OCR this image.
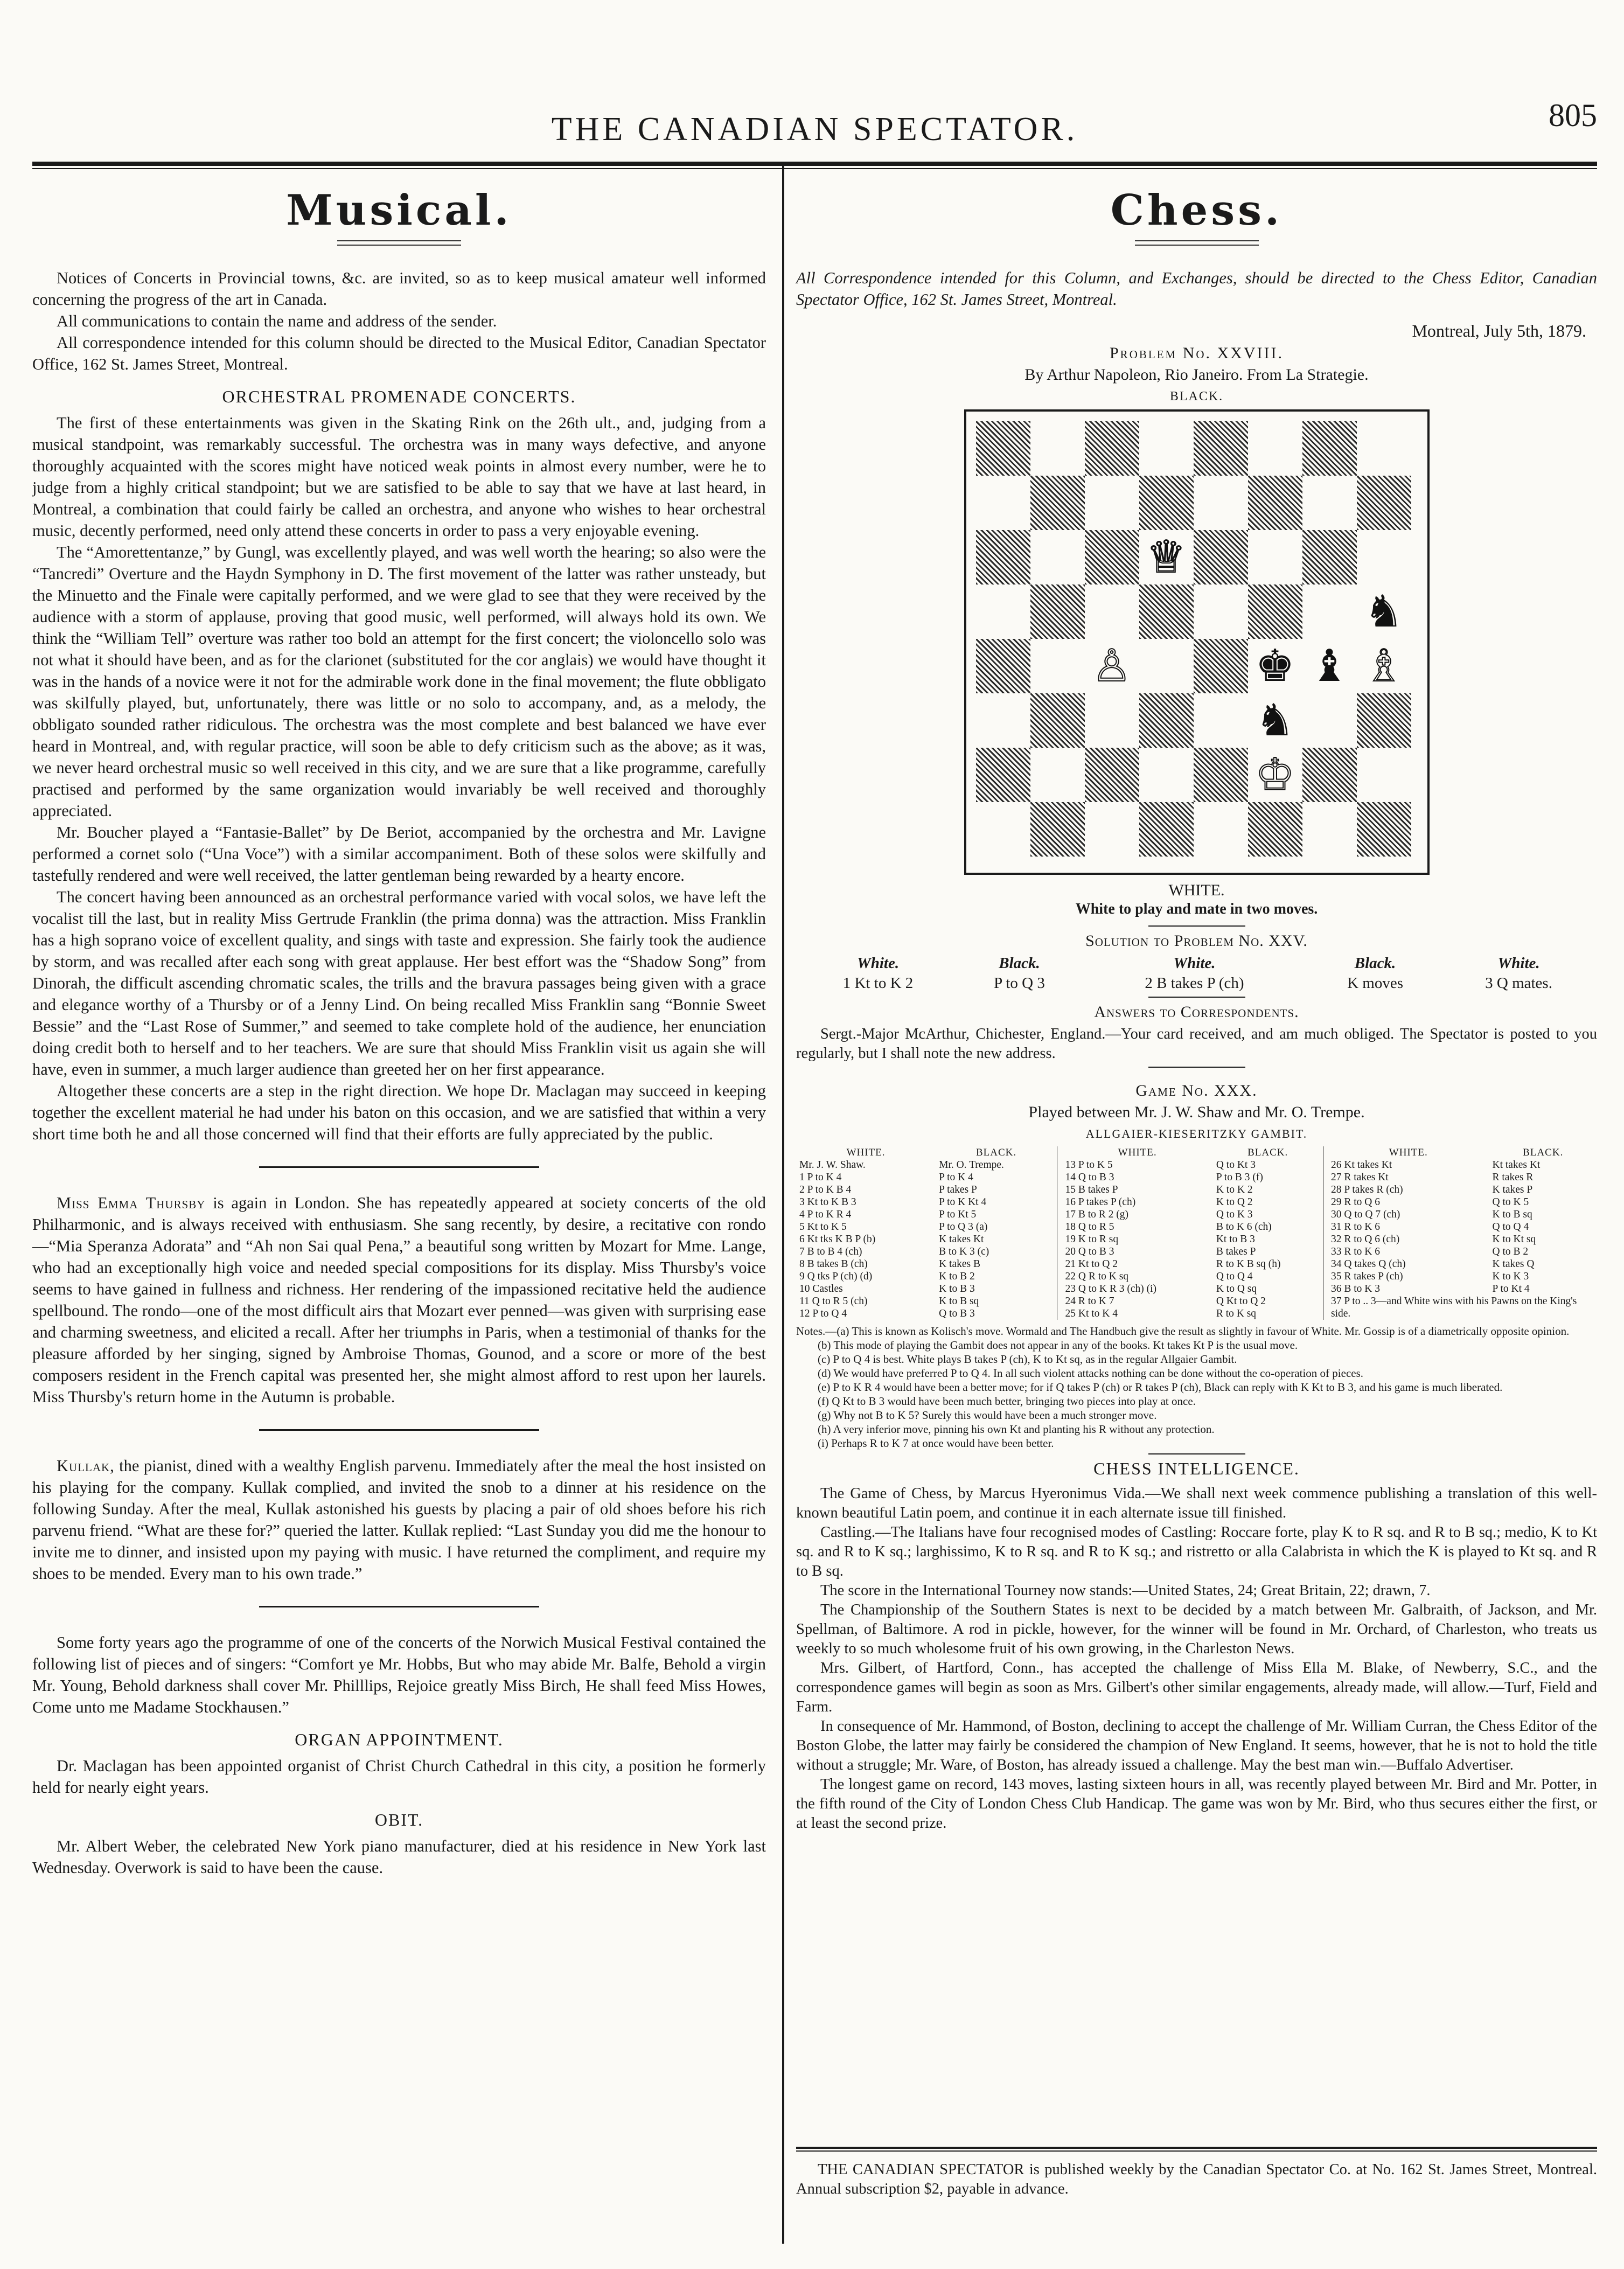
THE CANADIAN SPECTATOR.	805
Musical.

Notices of Concerts in Provincial towns, &c. are invited, so as to keep musical amateur well informed concerning the progress of the art in Canada.

All communications to contain the name and address of the sender.

All correspondence intended for this column should be directed to the Musical Editor, Canadian Spectator Office, 162 St. James Street, Montreal.

ORCHESTRAL PROMENADE CONCERTS.

The first of these entertainments was given in the Skating Rink on the 26th ult., and, judging from a musical standpoint, was remarkably successful. The orchestra was in many ways defective, and anyone thoroughly acquainted with the scores might have noticed weak points in almost every number, were he to judge from a highly critical standpoint; but we are satisfied to be able to say that we have at last heard, in Montreal, a combination that could fairly be called an orchestra, and anyone who wishes to hear orchestral music, decently performed, need only attend these concerts in order to pass a very enjoyable evening.

The “Amorettentanze,” by Gungl, was excellently played, and was well worth the hearing; so also were the “Tancredi” Overture and the Haydn Symphony in D. The first movement of the latter was rather unsteady, but the Minuetto and the Finale were capitally performed, and we were glad to see that they were received by the audience with a storm of applause, proving that good music, well performed, will always hold its own. We think the “William Tell” overture was rather too bold an attempt for the first concert; the violoncello solo was not what it should have been, and as for the clarionet (substituted for the cor anglais) we would have thought it was in the hands of a novice were it not for the admirable work done in the final movement; the flute obbligato was skilfully played, but, unfortunately, there was little or no solo to accompany, and, as a melody, the obbligato sounded rather ridiculous. The orchestra was the most complete and best balanced we have ever heard in Montreal, and, with regular practice, will soon be able to defy criticism such as the above; as it was, we never heard orchestral music so well received in this city, and we are sure that a like programme, carefully practised and performed by the same organization would invariably be well received and thoroughly appreciated.

Mr. Boucher played a “Fantasie-Ballet” by De Beriot, accompanied by the orchestra and Mr. Lavigne performed a cornet solo (“Una Voce”) with a similar accompaniment. Both of these solos were skilfully and tastefully rendered and were well received, the latter gentleman being rewarded by a hearty encore.

The concert having been announced as an orchestral performance varied with vocal solos, we have left the vocalist till the last, but in reality Miss Gertrude Franklin (the prima donna) was the attraction. Miss Franklin has a high soprano voice of excellent quality, and sings with taste and expression. She fairly took the audience by storm, and was recalled after each song with great applause. Her best effort was the “Shadow Song” from Dinorah, the difficult ascending chromatic scales, the trills and the bravura passages being given with a grace and elegance worthy of a Thursby or of a Jenny Lind. On being recalled Miss Franklin sang “Bonnie Sweet Bessie” and the “Last Rose of Summer,” and seemed to take complete hold of the audience, her enunciation doing credit both to herself and to her teachers. We are sure that should Miss Franklin visit us again she will have, even in summer, a much larger audience than greeted her on her first appearance.

Altogether these concerts are a step in the right direction. We hope Dr. Maclagan may succeed in keeping together the excellent material he had under his baton on this occasion, and we are satisfied that within a very short time both he and all those concerned will find that their efforts are fully appreciated by the public.

Miss Emma Thursby is again in London. She has repeatedly appeared at society concerts of the old Philharmonic, and is always received with enthusiasm. She sang recently, by desire, a recitative con rondo—“Mia Speranza Adorata” and “Ah non Sai qual Pena,” a beautiful song written by Mozart for Mme. Lange, who had an exceptionally high voice and needed special compositions for its display. Miss Thursby's voice seems to have gained in fullness and richness. Her rendering of the impassioned recitative held the audience spellbound. The rondo—one of the most difficult airs that Mozart ever penned—was given with surprising ease and charming sweetness, and elicited a recall. After her triumphs in Paris, when a testimonial of thanks for the pleasure afforded by her singing, signed by Ambroise Thomas, Gounod, and a score or more of the best composers resident in the French capital was presented her, she might almost afford to rest upon her laurels. Miss Thursby's return home in the Autumn is probable.

Kullak, the pianist, dined with a wealthy English parvenu. Immediately after the meal the host insisted on his playing for the company. Kullak complied, and invited the snob to a dinner at his residence on the following Sunday. After the meal, Kullak astonished his guests by placing a pair of old shoes before his rich parvenu friend. “What are these for?” queried the latter. Kullak replied: “Last Sunday you did me the honour to invite me to dinner, and insisted upon my paying with music. I have returned the compliment, and require my shoes to be mended. Every man to his own trade.”

Some forty years ago the programme of one of the concerts of the Norwich Musical Festival contained the following list of pieces and of singers: “Comfort ye Mr. Hobbs, But who may abide Mr. Balfe, Behold a virgin Mr. Young, Behold darkness shall cover Mr. Philllips, Rejoice greatly Miss Birch, He shall feed Miss Howes, Come unto me Madame Stockhausen.”

ORGAN APPOINTMENT.

Dr. Maclagan has been appointed organist of Christ Church Cathedral in this city, a position he formerly held for nearly eight years.

OBIT.

Mr. Albert Weber, the celebrated New York piano manufacturer, died at his residence in New York last Wednesday. Overwork is said to have been the cause.

Chess.

All Correspondence intended for this Column, and Exchanges, should be directed to the Chess Editor, Canadian Spectator Office, 162 St. James Street, Montreal.

Montreal, July 5th, 1879.
Problem No. XXVIII.
By Arthur Napoleon, Rio Janeiro. From La Strategie.
BLACK.
♕
♞
♙	♚ ♝ ♗
♞
♔
WHITE.
White to play and mate in two moves.
Solution to Problem No. XXV.
White.	Black.	White.	Black.	White.
1 Kt to K 2	P to Q 3	2 B takes P (ch)	K moves	3 Q mates.
Answers to Correspondents.

Sergt.-Major McArthur, Chichester, England.—Your card received, and am much obliged. The Spectator is posted to you regularly, but I shall note the new address.

Game No. XXX.
Played between Mr. J. W. Shaw and Mr. O. Trempe.
ALLGAIER-KIESERITZKY GAMBIT.
WHITE.	BLACK.
Mr. J. W. Shaw.	Mr. O. Trempe.
1 P to K 4	P to K 4
2 P to K B 4	P takes P
3 Kt to K B 3	P to K Kt 4
4 P to K R 4	P to Kt 5
5 Kt to K 5	P to Q 3 (a)
6 Kt tks K B P (b)	K takes Kt
7 B to B 4 (ch)	B to K 3 (c)
8 B takes B (ch)	K takes B
9 Q tks P (ch) (d)	K to B 2
10 Castles	K to B 3
11 Q to R 5 (ch)	K to B sq
12 P to Q 4	Q to B 3
WHITE.	BLACK.
13 P to K 5	Q to Kt 3
14 Q to B 3	P to B 3 (f)
15 B takes P	K to K 2
16 P takes P (ch)	K to Q 2
17 B to R 2 (g)	Q to K 3
18 Q to R 5	B to K 6 (ch)
19 K to R sq	Kt to B 3
20 Q to B 3	B takes P
21 Kt to Q 2	R to K B sq (h)
22 Q R to K sq	Q to Q 4
23 Q to K R 3 (ch) (i)	K to Q sq
24 R to K 7	Q Kt to Q 2
25 Kt to K 4	R to K sq
WHITE.	BLACK.
26 Kt takes Kt	Kt takes Kt
27 R takes Kt	R takes R
28 P takes R (ch)	K takes P
29 R to Q 6	Q to K 5
30 Q to Q 7 (ch)	K to B sq
31 R to K 6	Q to Q 4
32 R to Q 6 (ch)	K to Kt sq
33 R to K 6	Q to B 2
34 Q takes Q (ch)	K takes Q
35 R takes P (ch)	K to K 3
36 B to K 3	P to Kt 4
37 P to .. 3—and White wins with his Pawns on the King's side.	

Notes.—(a) This is known as Kolisch's move. Wormald and The Handbuch give the result as slightly in favour of White. Mr. Gossip is of a diametrically opposite opinion.

(b) This mode of playing the Gambit does not appear in any of the books. Kt takes Kt P is the usual move.

(c) P to Q 4 is best. White plays B takes P (ch), K to Kt sq, as in the regular Allgaier Gambit.

(d) We would have preferred P to Q 4. In all such violent attacks nothing can be done without the co-operation of pieces.

(e) P to K R 4 would have been a better move; for if Q takes P (ch) or R takes P (ch), Black can reply with K Kt to B 3, and his game is much liberated.

(f) Q Kt to B 3 would have been much better, bringing two pieces into play at once.

(g) Why not B to K 5? Surely this would have been a much stronger move.

(h) A very inferior move, pinning his own Kt and planting his R without any protection.

(i) Perhaps R to K 7 at once would have been better.

CHESS INTELLIGENCE.

The Game of Chess, by Marcus Hyeronimus Vida.—We shall next week commence publishing a translation of this well-known beautiful Latin poem, and continue it in each alternate issue till finished.

Castling.—The Italians have four recognised modes of Castling: Roccare forte, play K to R sq. and R to B sq.; medio, K to Kt sq. and R to K sq.; larghissimo, K to R sq. and R to K sq.; and ristretto or alla Calabrista in which the K is played to Kt sq. and R to B sq.

The score in the International Tourney now stands:—United States, 24; Great Britain, 22; drawn, 7.

The Championship of the Southern States is next to be decided by a match between Mr. Galbraith, of Jackson, and Mr. Spellman, of Baltimore. A rod in pickle, however, for the winner will be found in Mr. Orchard, of Charleston, who treats us weekly to so much wholesome fruit of his own growing, in the Charleston News.

Mrs. Gilbert, of Hartford, Conn., has accepted the challenge of Miss Ella M. Blake, of Newberry, S.C., and the correspondence games will begin as soon as Mrs. Gilbert's other similar engagements, already made, will allow.—Turf, Field and Farm.

In consequence of Mr. Hammond, of Boston, declining to accept the challenge of Mr. William Curran, the Chess Editor of the Boston Globe, the latter may fairly be considered the champion of New England. It seems, however, that he is not to hold the title without a struggle; Mr. Ware, of Boston, has already issued a challenge. May the best man win.—Buffalo Advertiser.

The longest game on record, 143 moves, lasting sixteen hours in all, was recently played between Mr. Bird and Mr. Potter, in the fifth round of the City of London Chess Club Handicap. The game was won by Mr. Bird, who thus secures either the first, or at least the second prize.

THE CANADIAN SPECTATOR is published weekly by the Canadian Spectator Co. at No. 162 St. James Street, Montreal. Annual subscription $2, payable in advance.
